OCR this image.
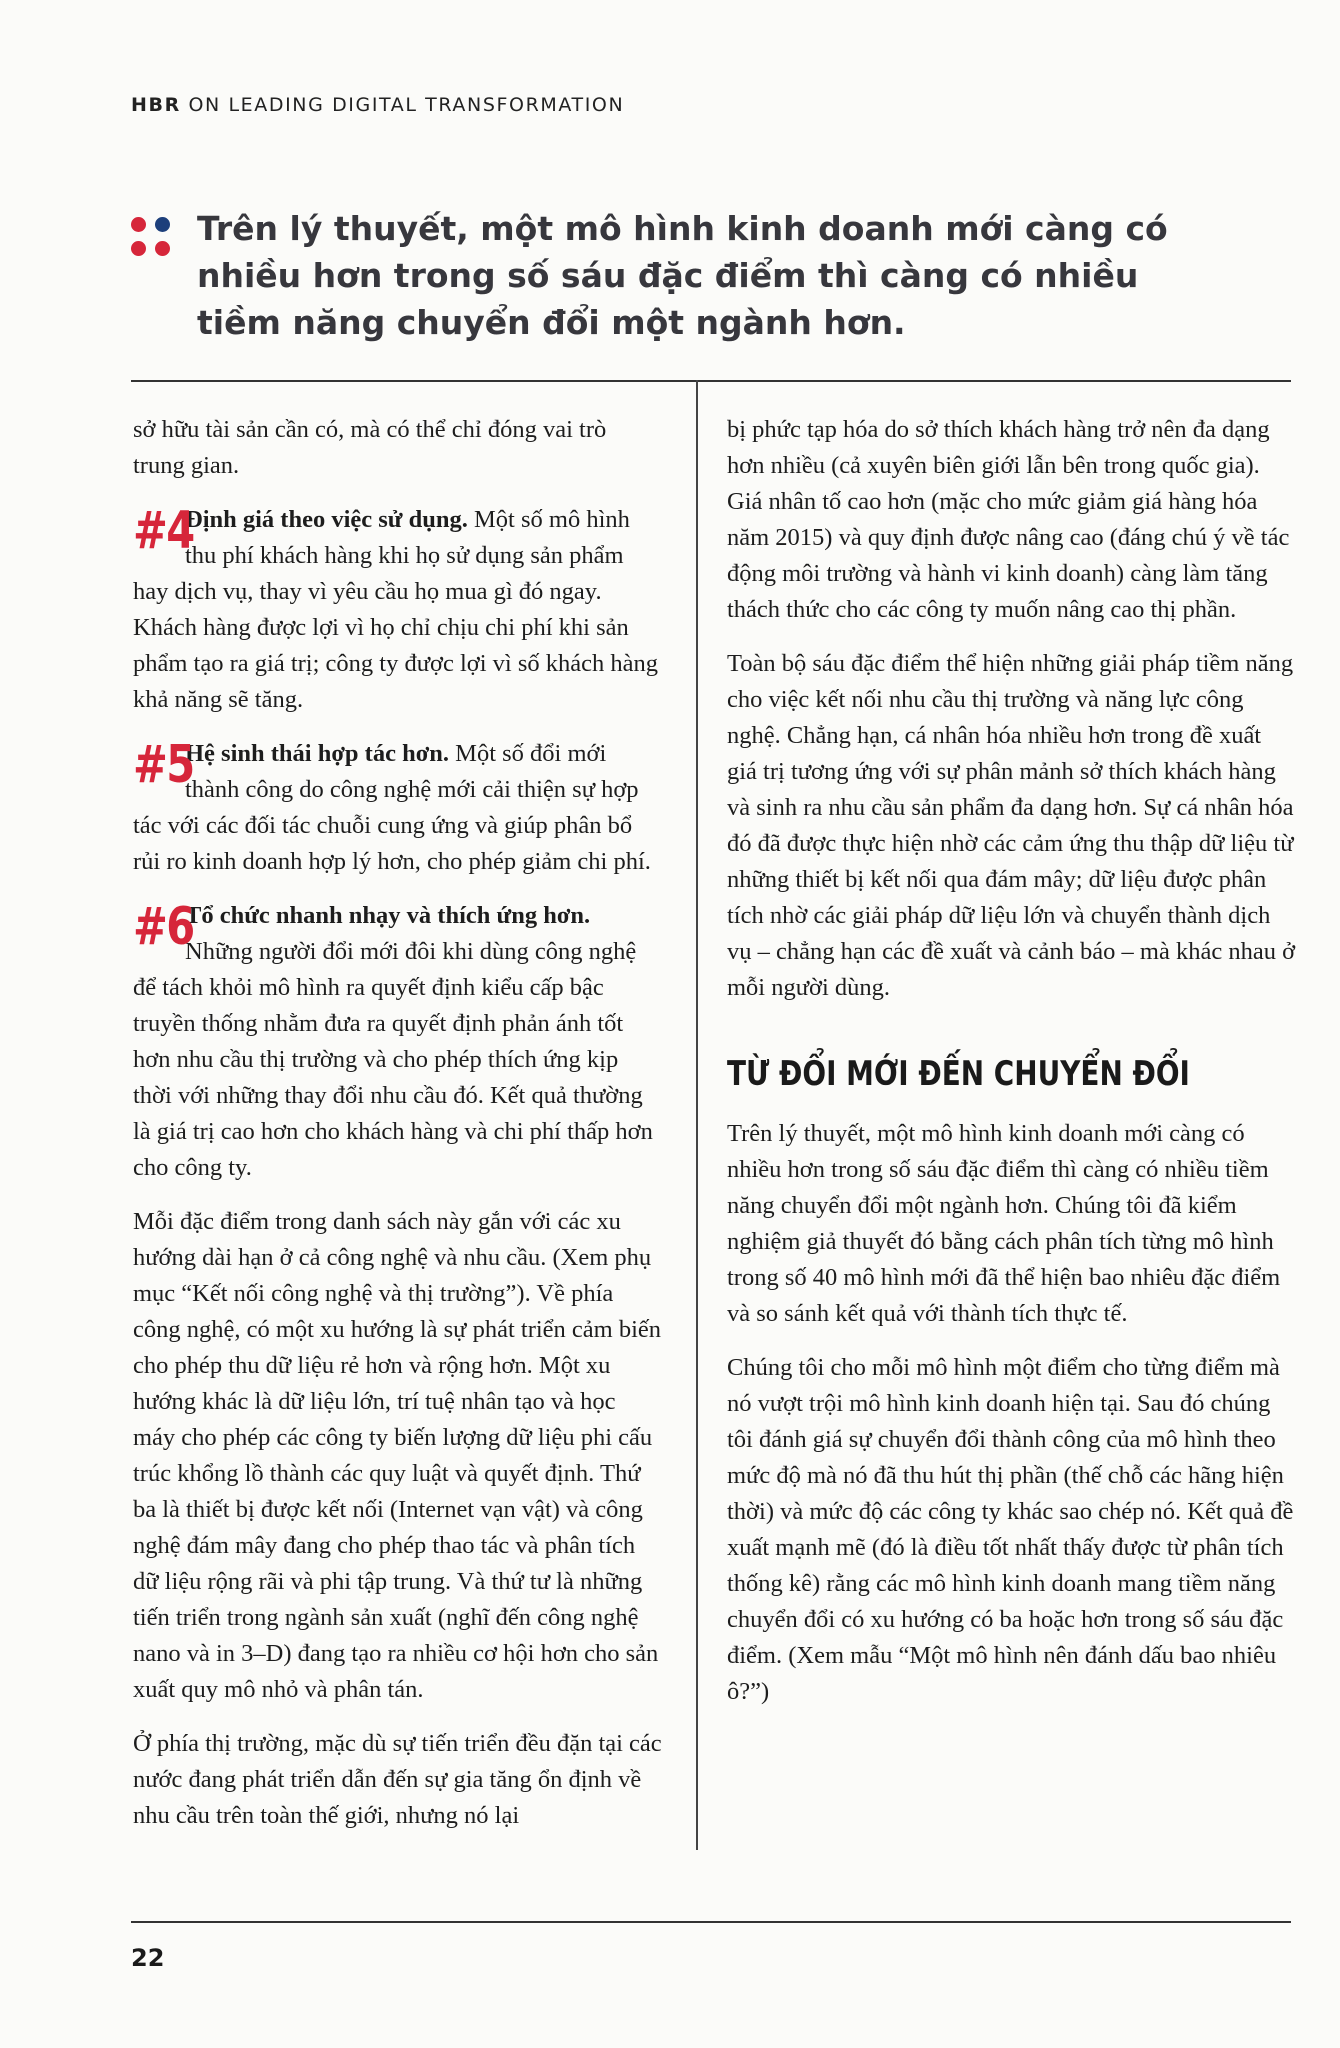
HBR ON LEADING DIGITAL TRANSFORMATION
Trên lý thuyết, một mô hình kinh doanh mới càng có nhiều hơn trong số sáu đặc điểm thì càng có nhiều tiềm năng chuyển đổi một ngành hơn.

sở hữu tài sản cần có, mà có thể chỉ đóng vai trò trung gian.

#4
Định giá theo việc sử dụng. Một số mô hình thu phí khách hàng khi họ sử dụng sản phẩm hay dịch vụ, thay vì yêu cầu họ mua gì đó ngay. Khách hàng được lợi vì họ chỉ chịu chi phí khi sản phẩm tạo ra giá trị; công ty được lợi vì số khách hàng khả năng sẽ tăng.
#5
Hệ sinh thái hợp tác hơn. Một số đổi mới thành công do công nghệ mới cải thiện sự hợp tác với các đối tác chuỗi cung ứng và giúp phân bổ rủi ro kinh doanh hợp lý hơn, cho phép giảm chi phí.
#6
Tổ chức nhanh nhạy và thích ứng hơn. Những người đổi mới đôi khi dùng công nghệ để tách khỏi mô hình ra quyết định kiểu cấp bậc truyền thống nhằm đưa ra quyết định phản ánh tốt hơn nhu cầu thị trường và cho phép thích ứng kịp thời với những thay đổi nhu cầu đó. Kết quả thường là giá trị cao hơn cho khách hàng và chi phí thấp hơn cho công ty.

Mỗi đặc điểm trong danh sách này gắn với các xu hướng dài hạn ở cả công nghệ và nhu cầu. (Xem phụ mục “Kết nối công nghệ và thị trường”). Về phía công nghệ, có một xu hướng là sự phát triển cảm biến cho phép thu dữ liệu rẻ hơn và rộng hơn. Một xu hướng khác là dữ liệu lớn, trí tuệ nhân tạo và học máy cho phép các công ty biến lượng dữ liệu phi cấu trúc khổng lồ thành các quy luật và quyết định. Thứ ba là thiết bị được kết nối (Internet vạn vật) và công nghệ đám mây đang cho phép thao tác và phân tích dữ liệu rộng rãi và phi tập trung. Và thứ tư là những tiến triển trong ngành sản xuất (nghĩ đến công nghệ nano và in 3–D) đang tạo ra nhiều cơ hội hơn cho sản xuất quy mô nhỏ và phân tán.

Ở phía thị trường, mặc dù sự tiến triển đều đặn tại các nước đang phát triển dẫn đến sự gia tăng ổn định về nhu cầu trên toàn thế giới, nhưng nó lại

bị phức tạp hóa do sở thích khách hàng trở nên đa dạng hơn nhiều (cả xuyên biên giới lẫn bên trong quốc gia). Giá nhân tố cao hơn (mặc cho mức giảm giá hàng hóa năm 2015) và quy định được nâng cao (đáng chú ý về tác động môi trường và hành vi kinh doanh) càng làm tăng thách thức cho các công ty muốn nâng cao thị phần.

Toàn bộ sáu đặc điểm thể hiện những giải pháp tiềm năng cho việc kết nối nhu cầu thị trường và năng lực công nghệ. Chẳng hạn, cá nhân hóa nhiều hơn trong đề xuất giá trị tương ứng với sự phân mảnh sở thích khách hàng và sinh ra nhu cầu sản phẩm đa dạng hơn. Sự cá nhân hóa đó đã được thực hiện nhờ các cảm ứng thu thập dữ liệu từ những thiết bị kết nối qua đám mây; dữ liệu được phân tích nhờ các giải pháp dữ liệu lớn và chuyển thành dịch vụ – chẳng hạn các đề xuất và cảnh báo – mà khác nhau ở mỗi người dùng.

TỪ ĐỔI MỚI ĐẾN CHUYỂN ĐỔI

Trên lý thuyết, một mô hình kinh doanh mới càng có nhiều hơn trong số sáu đặc điểm thì càng có nhiều tiềm năng chuyển đổi một ngành hơn. Chúng tôi đã kiểm nghiệm giả thuyết đó bằng cách phân tích từng mô hình trong số 40 mô hình mới đã thể hiện bao nhiêu đặc điểm và so sánh kết quả với thành tích thực tế.

Chúng tôi cho mỗi mô hình một điểm cho từng điểm mà nó vượt trội mô hình kinh doanh hiện tại. Sau đó chúng tôi đánh giá sự chuyển đổi thành công của mô hình theo mức độ mà nó đã thu hút thị phần (thế chỗ các hãng hiện thời) và mức độ các công ty khác sao chép nó. Kết quả đề xuất mạnh mẽ (đó là điều tốt nhất thấy được từ phân tích thống kê) rằng các mô hình kinh doanh mang tiềm năng chuyển đổi có xu hướng có ba hoặc hơn trong số sáu đặc điểm. (Xem mẫu “Một mô hình nên đánh dấu bao nhiêu ô?”)

22
